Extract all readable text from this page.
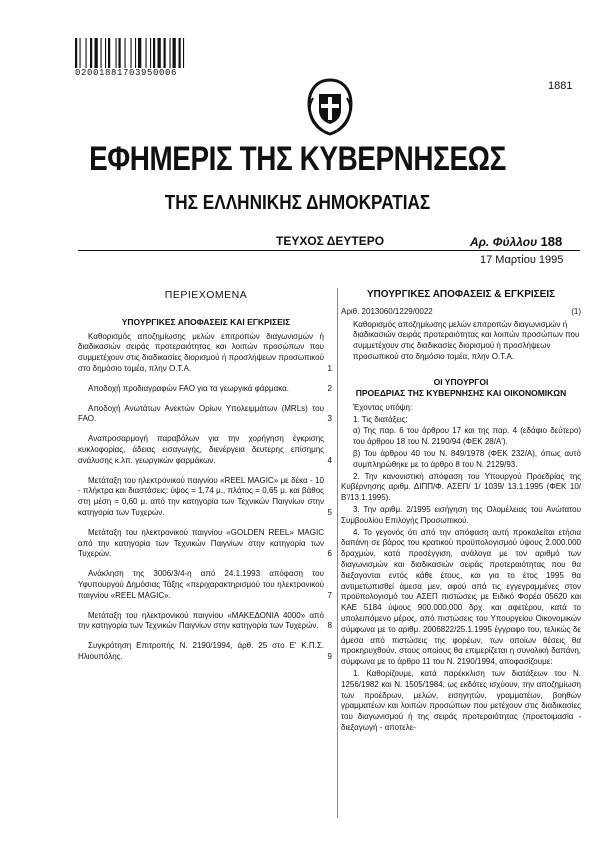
02001881703950006
1881
ΕΦΗΜΕΡΙΣ ΤΗΣ ΚΥΒΕΡΝΗΣΕΩΣ
ΤΗΣ ΕΛΛΗΝΙΚΗΣ ΔΗΜΟΚΡΑΤΙΑΣ
ΤΕΥΧΟΣ ΔΕΥΤΕΡΟ	Αρ. Φύλλου 188
17 Μαρτίου 1995
ΠΕΡΙΕΧΟΜΕΝΑ
ΥΠΟΥΡΓΙΚΕΣ ΑΠΟΦΑΣΕΙΣ ΚΑΙ ΕΓΚΡΙΣΕΙΣ
Καθορισμός αποζημίωσης μελών επιτροπών διαγωνισμών ή διαδικασιών σειράς προτεραιότητας και λοιπών προσώπων που συμμετέχουν στις διαδικασίες διορισμού ή προσλήψεων προσωπικού στο δημόσιο τομέα, πλην Ο.Τ.Α.	1
Αποδοχή προδιαγραφών FAO για τα γεωργικά φάρμακα.	2
Αποδοχή Ανωτάτων Ανεκτών Ορίων Υπολειμμάτων (MRLs) του FAO.	3
Αναπροσαρμογή παραβόλων για την χορήγηση έγκρισης κυκλοφορίας, άδειας εισαγωγής, διενέργεια δευτερης επίσημης ανάλυσης κ.λπ. γεωργικών φαρμάκων.	4
Μετάταξη του ηλεκτρονικού παιγνίου «REEL MAGIC» με δέκα - 10 - πλήκτρα και διαστάσεις: ύψος = 1,74 μ., πλάτος = 0,65 μ. και βάθος στη μέση = 0,60 μ. από την κατηγορία των Τεχνικών Παιγνίων στην κατηγορία των Τυχερών.	5
Μετάταξη του ηλεκτρονικού παιγνίου «GOLDEN REEL» MAGIC από την κατηγορία των Τεχνικών Παιγνίων στην κατηγορία των Τυχερών.	6
Ανάκληση της 3006/3/4-η από 24.1.1993 απόφαση του Υφυπουργού Δημόσιας Τάξης «περιχαρακτηρισμού του ηλεκτρονικού παιγνίου «REEL MAGIC».	7
Μετάταξη του ηλεκτρονικού παιγνίου «ΜΑΚΕΔΟΝΙΑ 4000» από την κατηγορία των Τεχνικών Παιγνίων στην κατηγορία των Τυχερών.	8
Συγκρότηση Επιτροπής Ν. 2190/1994, άρθ. 25 στο Ε' Κ.Π.Σ. Ηλιουπόλης.	9
ΥΠΟΥΡΓΙΚΕΣ ΑΠΟΦΑΣΕΙΣ & ΕΓΚΡΙΣΕΙΣ
Αριθ. 2013060/1229/0022	(1)
Καθορισμός αποζημίωσης μελών επιτροπών διαγωνισμών ή διαδικασιών σειράς προτεραιότητας και λοιπών προσώπων που συμμετέχουν στις διαδικασίες διορισμού ή προσλήψεων προσωπικού στο δημόσιο τομέα, πλην Ο.Τ.Α.
ΟΙ ΥΠΟΥΡΓΟΙ
ΠΡΟΕΔΡΙΑΣ ΤΗΣ ΚΥΒΕΡΝΗΣΗΣ ΚΑΙ ΟΙΚΟΝΟΜΙΚΩΝ
Έχοντας υπόψη:
1. Τις διατάξεις:
α) Της παρ. 6 του άρθρου 17 και της παρ. 4 (εδάφιο δεύτερο) του άρθρου 18 του Ν. 2190/94 (ΦΕΚ 28/Α').
β) Του άρθρου 40 του Ν. 849/1978 (ΦΕΚ 232/Α), όπως αυτό συμπληρώθηκε με το άρθρο 8 του Ν. 2129/93.
2. Την κανονιστική απόφαση του Υπουργού Προεδρίας της Κυβέρνησης αριθμ. ΔΙΠΠ/Φ. ΑΣΕΠ/ 1/ 1039/ 13.1.1995 (ΦΕΚ 10/Β'/13.1.1995).
3. Την αριθμ. 2/1995 εισήγηση της Ολομέλειας του Ανώτατου Συμβουλίου Επιλογής Προσωπικού.
4. Το γεγονός ότι από την απόφαση αυτή προκαλείται ετήσια δαπάνη σε βάρος του κρατικού προϋπολογισμού ύψους 2.000.000 δραχμών, κατά προσέγγιση, ανάλογα με τον αριθμό των διαγωνισμών και διαδικασιών σειράς προτεραιότητας που θα διεξαγονται εντός κάθε έτους, και για το έτος 1995 θα αντιμετωπισθεί άμεσα μεν, αφού από τις εγγεγραμμένες στον προϋπολογισμό του ΑΣΕΠ πιστώσεις με Ειδικό Φορέα 05620 και ΚΑΕ 5184 ύψους 900.000.000 δρχ. και αφετέρου, κατά το υπολειπόμενο μέρος, από πιστώσεις του Υπουργείου Οικονομικών σύμφωνα με το αριθμ. 2006822/25.1.1995 έγγραφο του, τελικώς δε άμεσα από πιστώσεις της φορέων, των οποίων θέσεις θα προκηρυχθούν, στους οποίους θα επιμερίζεται η συνολική δαπάνη, σύμφωνα με το άρθρο 11 του Ν. 2190/1994, αποφασίζουμε:
1. Καθορίζουμε, κατά παρέκκλιση των διατάξεων του Ν. 1256/1982 και Ν. 1505/1984, ως εκδότες ισχύουν, την αποζημίωση των προέδρων, μελών, εισηγητών, γραμματέων, βοηθών γραμματέων και λοιπών προσώπων που μετέχουν στις διαδικασίες του διαγωνισμού ή της σειράς προτεραιότητας (προετοιμασία - διεξαγωγή - αποτελε-
